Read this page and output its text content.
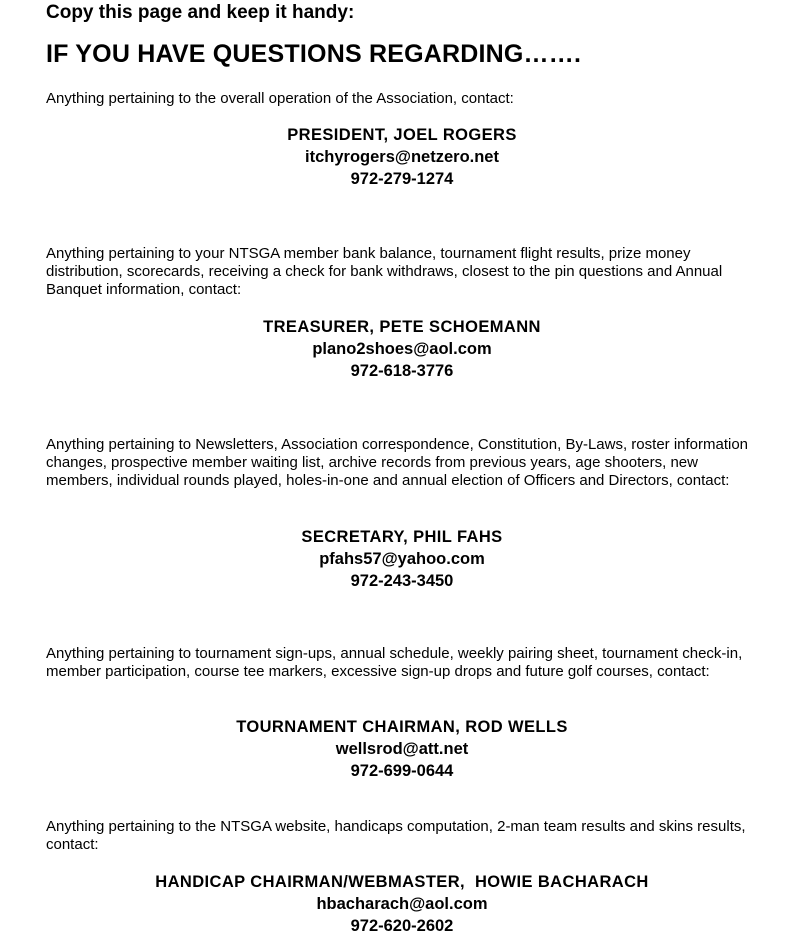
Copy this page and keep it handy:
IF YOU HAVE QUESTIONS REGARDING…….

Anything pertaining to the overall operation of the Association, contact:

PRESIDENT, JOEL ROGERS
itchyrogers@netzero.net
972-279-1274

Anything pertaining to your NTSGA member bank balance, tournament flight results, prize money distribution, scorecards, receiving a check for bank withdraws, closest to the pin questions and Annual Banquet information, contact:

TREASURER, PETE SCHOEMANN
plano2shoes@aol.com
972-618-3776

Anything pertaining to Newsletters, Association correspondence, Constitution, By-Laws, roster information changes, prospective member waiting list, archive records from previous years, age shooters, new members, individual rounds played, holes-in-one and annual election of Officers and Directors, contact:

SECRETARY, PHIL FAHS
pfahs57@yahoo.com
972-243-3450

Anything pertaining to tournament sign-ups, annual schedule, weekly pairing sheet, tournament check-in, member participation, course tee markers, excessive sign-up drops and future golf courses, contact:

TOURNAMENT CHAIRMAN, ROD WELLS
wellsrod@att.net
972-699-0644

Anything pertaining to the NTSGA website, handicaps computation, 2-man team results and skins results, contact:

HANDICAP CHAIRMAN/WEBMASTER,  HOWIE BACHARACH
hbacharach@aol.com
972-620-2602
